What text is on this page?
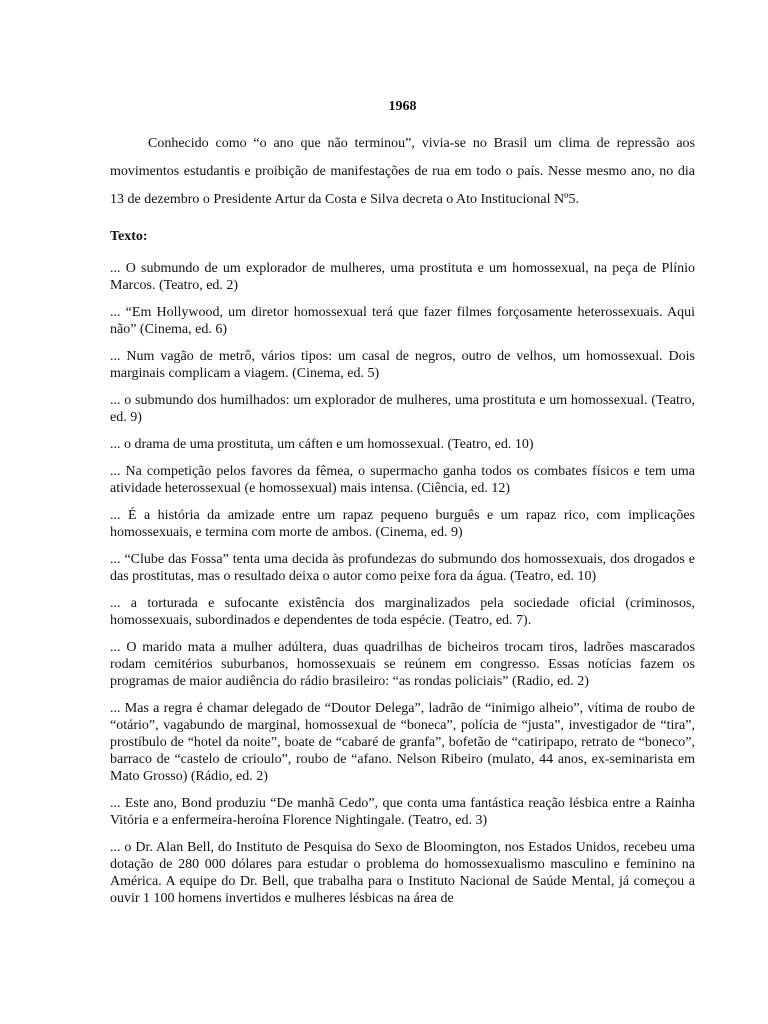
1968

Conhecido como “o ano que não terminou”, vivia-se no Brasil um clima de repressão aos movimentos estudantis e proibição de manifestações de rua em todo o país. Nesse mesmo ano, no dia 13 de dezembro o Presidente Artur da Costa e Silva decreta o Ato Institucional Nº5.

Texto:

... O submundo de um explorador de mulheres, uma prostituta e um homossexual, na peça de Plínio Marcos. (Teatro, ed. 2)

... “Em Hollywood, um diretor homossexual terá que fazer filmes forçosamente heterossexuais. Aqui não” (Cinema, ed. 6)

... Num vagão de metrô, vários tipos: um casal de negros, outro de velhos, um homossexual. Dois marginais complicam a viagem. (Cinema, ed. 5)

... o submundo dos humilhados: um explorador de mulheres, uma prostituta e um homossexual. (Teatro, ed. 9)

... o drama de uma prostituta, um cáften e um homossexual. (Teatro, ed. 10)

... Na competição pelos favores da fêmea, o supermacho ganha todos os combates físicos e tem uma atividade heterossexual (e homossexual) mais intensa. (Ciência, ed. 12)

... É a história da amizade entre um rapaz pequeno burguês e um rapaz rico, com implicações homossexuais, e termina com morte de ambos. (Cinema, ed. 9)

... “Clube das Fossa” tenta uma decida às profundezas do submundo dos homossexuais, dos drogados e das prostitutas, mas o resultado deixa o autor como peixe fora da água. (Teatro, ed. 10)

... a torturada e sufocante existência dos marginalizados pela sociedade oficial (criminosos, homossexuais, subordinados e dependentes de toda espécie. (Teatro, ed. 7).

... O marido mata a mulher adúltera, duas quadrilhas de bicheiros trocam tiros, ladrões mascarados rodam cemitérios suburbanos, homossexuais se reúnem em congresso. Essas notícias fazem os programas de maior audiência do rádio brasileiro: “as rondas policiais” (Radio, ed. 2)

... Mas a regra é chamar delegado de “Doutor Delega”, ladrão de “inimigo alheio”, vítima de roubo de “otário”, vagabundo de marginal, homossexual de “boneca”, polícia de “justa”, investigador de “tira”, prostíbulo de “hotel da noite”, boate de “cabaré de granfa”, bofetão de “catiripapo, retrato de “boneco”, barraco de “castelo de crioulo”, roubo de “afano. Nelson Ribeiro (mulato, 44 anos, ex-seminarista em Mato Grosso) (Rádio, ed. 2)

... Este ano, Bond produziu “De manhã Cedo”, que conta uma fantástica reação lésbica entre a Rainha Vitória e a enfermeira-heroína Florence Nightingale. (Teatro, ed. 3)

... o Dr. Alan Bell, do Instituto de Pesquisa do Sexo de Bloomington, nos Estados Unidos, recebeu uma dotação de 280 000 dólares para estudar o problema do homossexualismo masculino e feminino na América. A equipe do Dr. Bell, que trabalha para o Instituto Nacional de Saúde Mental, já começou a ouvir 1 100 homens invertidos e mulheres lésbicas na área de
